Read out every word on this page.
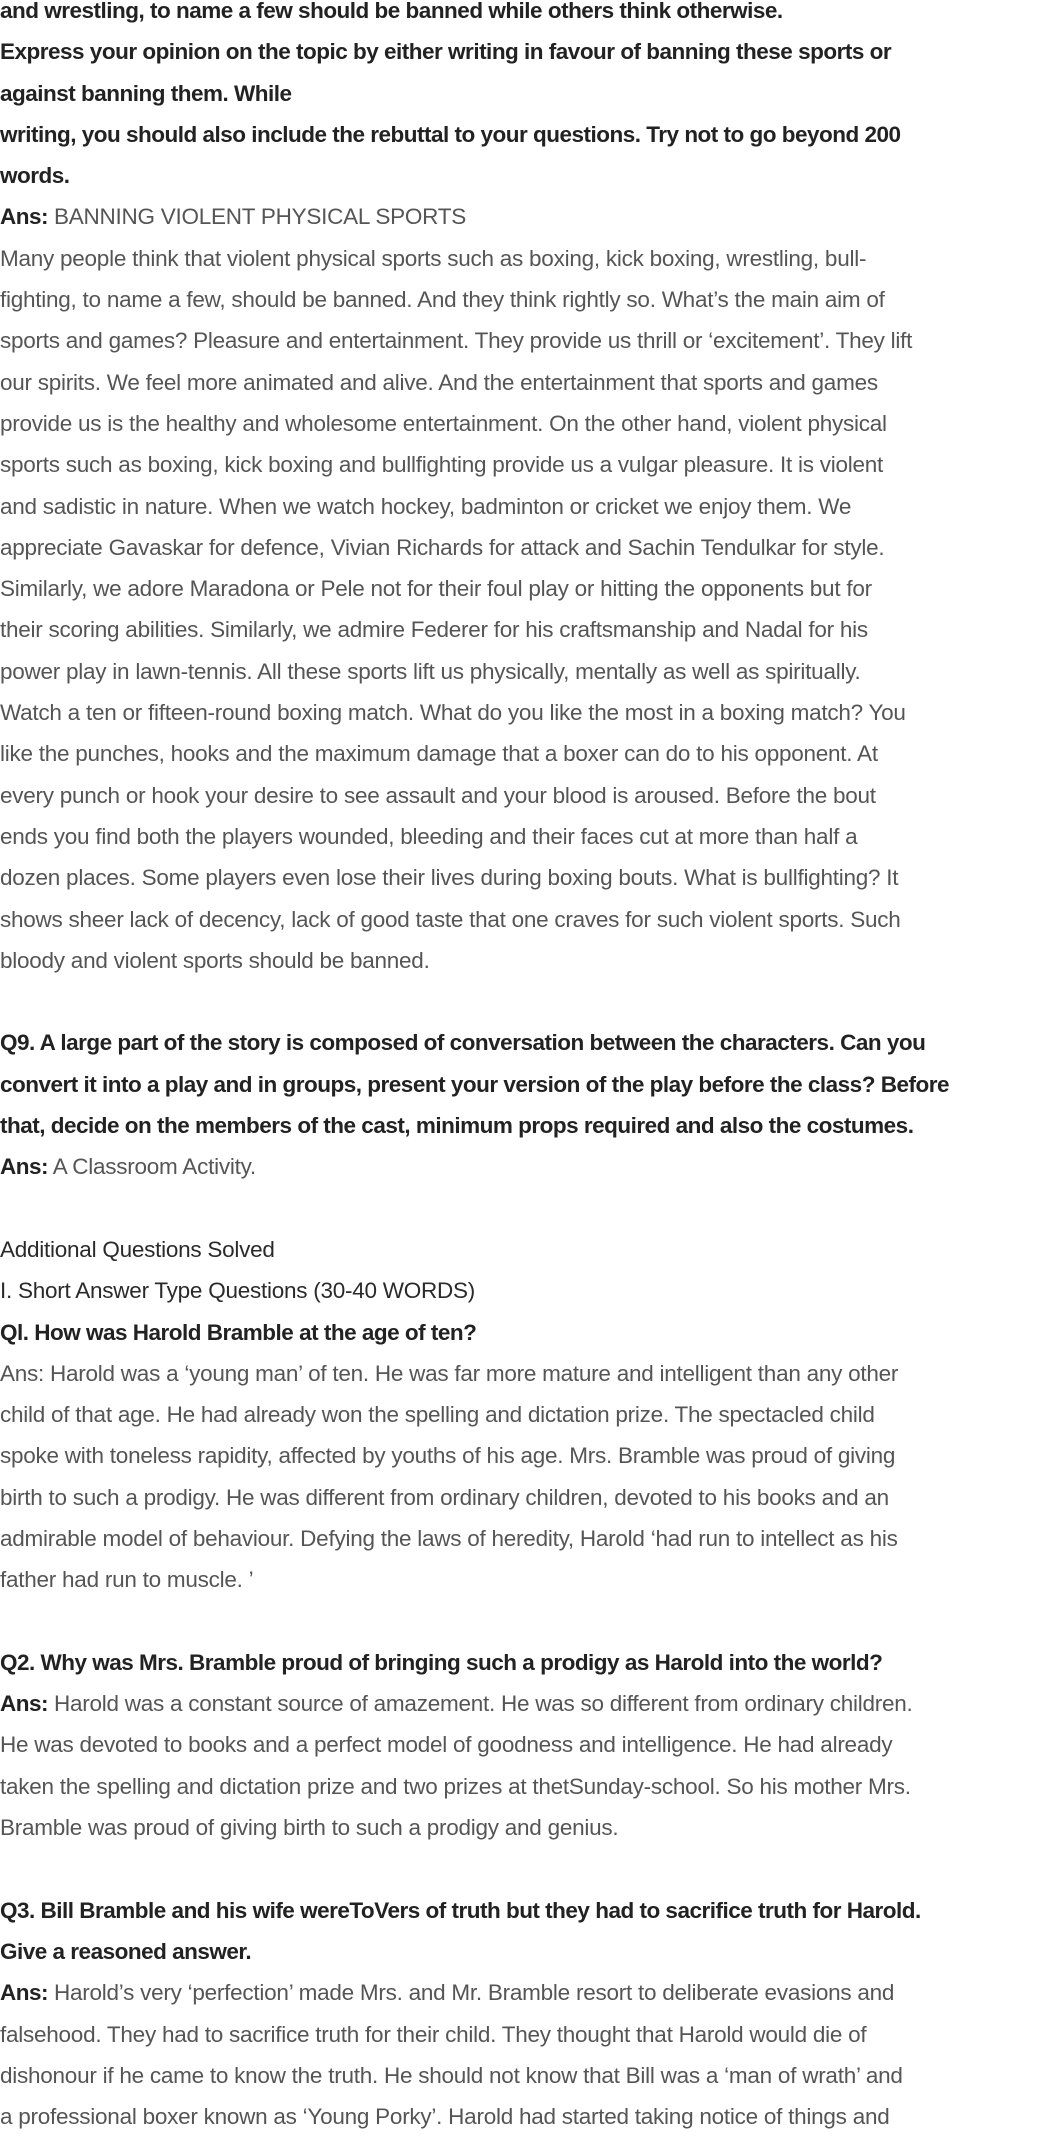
and wrestling, to name a few should be banned while others think otherwise.
Express your opinion on the topic by either writing in favour of banning these sports or
against banning them. While
writing, you should also include the rebuttal to your questions. Try not to go beyond 200
words.
Ans: BANNING VIOLENT PHYSICAL SPORTS
Many people think that violent physical sports such as boxing, kick boxing, wrestling, bull-
fighting, to name a few, should be banned. And they think rightly so. What’s the main aim of
sports and games? Pleasure and entertainment. They provide us thrill or ‘excitement’. They lift
our spirits. We feel more animated and alive. And the entertainment that sports and games
provide us is the healthy and wholesome entertainment. On the other hand, violent physical
sports such as boxing, kick boxing and bullfighting provide us a vulgar pleasure. It is violent
and sadistic in nature. When we watch hockey, badminton or cricket we enjoy them. We
appreciate Gavaskar for defence, Vivian Richards for attack and Sachin Tendulkar for style.
Similarly, we adore Maradona or Pele not for their foul play or hitting the opponents but for
their scoring abilities. Similarly, we admire Federer for his craftsmanship and Nadal for his
power play in lawn-tennis. All these sports lift us physically, mentally as well as spiritually.
Watch a ten or fifteen-round boxing match. What do you like the most in a boxing match? You
like the punches, hooks and the maximum damage that a boxer can do to his opponent. At
every punch or hook your desire to see assault and your blood is aroused. Before the bout
ends you find both the players wounded, bleeding and their faces cut at more than half a
dozen places. Some players even lose their lives during boxing bouts. What is bullfighting? It
shows sheer lack of decency, lack of good taste that one craves for such violent sports. Such
bloody and violent sports should be banned.
Q9. A large part of the story is composed of conversation between the characters. Can you
convert it into a play and in groups, present your version of the play before the class? Before
that, decide on the members of the cast, minimum props required and also the costumes.
Ans: A Classroom Activity.
Additional Questions Solved
I. Short Answer Type Questions (30-40 WORDS)
Ql. How was Harold Bramble at the age of ten?
Ans: Harold was a ‘young man’ of ten. He was far more mature and intelligent than any other
child of that age. He had already won the spelling and dictation prize. The spectacled child
spoke with toneless rapidity, affected by youths of his age. Mrs. Bramble was proud of giving
birth to such a prodigy. He was different from ordinary children, devoted to his books and an
admirable model of behaviour. Defying the laws of heredity, Harold ‘had run to intellect as his
father had run to muscle. ’
Q2. Why was Mrs. Bramble proud of bringing such a prodigy as Harold into the world?
Ans: Harold was a constant source of amazement. He was so different from ordinary children.
He was devoted to books and a perfect model of goodness and intelligence. He had already
taken the spelling and dictation prize and two prizes at thetSunday-school. So his mother Mrs.
Bramble was proud of giving birth to such a prodigy and genius.
Q3. Bill Bramble and his wife wereToVers of truth but they had to sacrifice truth for Harold.
Give a reasoned answer.
Ans: Harold’s very ‘perfection’ made Mrs. and Mr. Bramble resort to deliberate evasions and
falsehood. They had to sacrifice truth for their child. They thought that Harold would die of
dishonour if he came to know the truth. He should not know that Bill was a ‘man of wrath’ and
a professional boxer known as ‘Young Porky’. Harold had started taking notice of things and
